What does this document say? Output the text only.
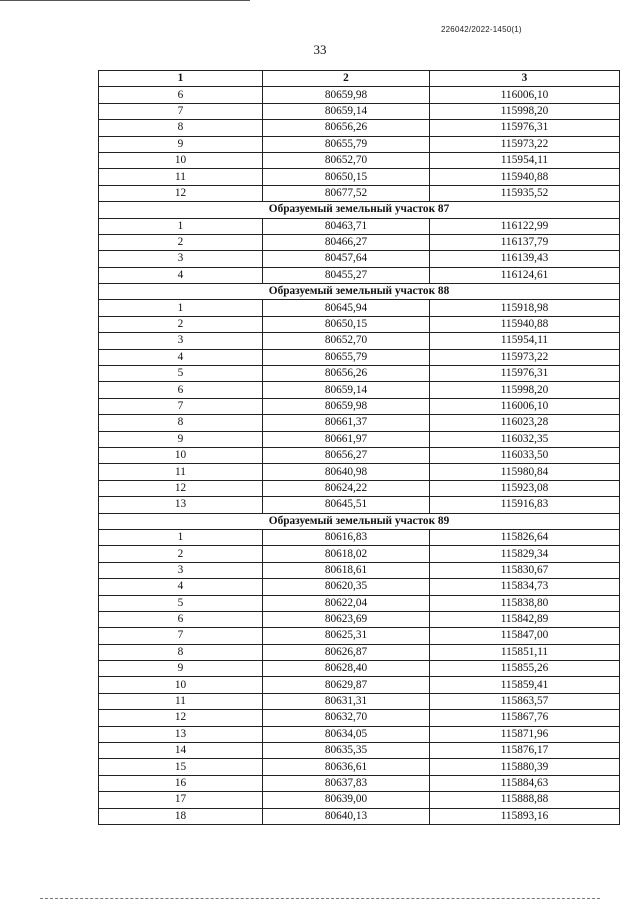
226042/2022-1450(1)
33
1	2	3
6	80659,98	116006,10
7	80659,14	115998,20
8	80656,26	115976,31
9	80655,79	115973,22
10	80652,70	115954,11
11	80650,15	115940,88
12	80677,52	115935,52
Образуемый земельный участок 87		
1	80463,71	116122,99
2	80466,27	116137,79
3	80457,64	116139,43
4	80455,27	116124,61
Образуемый земельный участок 88		
1	80645,94	115918,98
2	80650,15	115940,88
3	80652,70	115954,11
4	80655,79	115973,22
5	80656,26	115976,31
6	80659,14	115998,20
7	80659,98	116006,10
8	80661,37	116023,28
9	80661,97	116032,35
10	80656,27	116033,50
11	80640,98	115980,84
12	80624,22	115923,08
13	80645,51	115916,83
Образуемый земельный участок 89		
1	80616,83	115826,64
2	80618,02	115829,34
3	80618,61	115830,67
4	80620,35	115834,73
5	80622,04	115838,80
6	80623,69	115842,89
7	80625,31	115847,00
8	80626,87	115851,11
9	80628,40	115855,26
10	80629,87	115859,41
11	80631,31	115863,57
12	80632,70	115867,76
13	80634,05	115871,96
14	80635,35	115876,17
15	80636,61	115880,39
16	80637,83	115884,63
17	80639,00	115888,88
18	80640,13	115893,16
